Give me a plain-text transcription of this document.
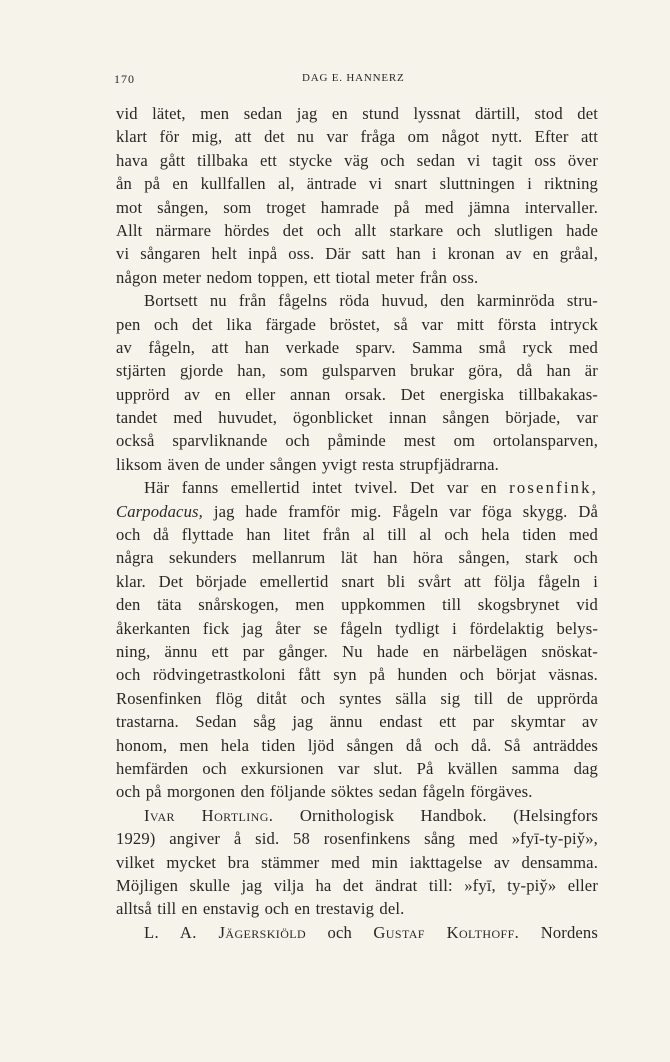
170	DAG E. HANNERZ
vid lätet, men sedan jag en stund lyssnat därtill, stod det
klart för mig, att det nu var fråga om något nytt. Efter att
hava gått tillbaka ett stycke väg och sedan vi tagit oss över
ån på en kullfallen al, äntrade vi snart sluttningen i riktning
mot sången, som troget hamrade på med jämna intervaller.
Allt närmare hördes det och allt starkare och slutligen hade
vi sångaren helt inpå oss. Där satt han i kronan av en gråal,
någon meter nedom toppen, ett tiotal meter från oss.
Bortsett nu från fågelns röda huvud, den karminröda stru-
pen och det lika färgade bröstet, så var mitt första intryck
av fågeln, att han verkade sparv. Samma små ryck med
stjärten gjorde han, som gulsparven brukar göra, då han är
upprörd av en eller annan orsak. Det energiska tillbakakas-
tandet med huvudet, ögonblicket innan sången började, var
också sparvliknande och påminde mest om ortolansparven,
liksom även de under sången yvigt resta strupfjädrarna.
Här fanns emellertid intet tvivel. Det var en rosenfink,
Carpodacus, jag hade framför mig. Fågeln var föga skygg. Då
och då flyttade han litet från al till al och hela tiden med
några sekunders mellanrum lät han höra sången, stark och
klar. Det började emellertid snart bli svårt att följa fågeln i
den täta snårskogen, men uppkommen till skogsbrynet vid
åkerkanten fick jag åter se fågeln tydligt i fördelaktig belys-
ning, ännu ett par gånger. Nu hade en närbelägen snöskat-
och rödvingetrastkoloni fått syn på hunden och börjat väsnas.
Rosenfinken flög ditåt och syntes sälla sig till de upprörda
trastarna. Sedan såg jag ännu endast ett par skymtar av
honom, men hela tiden ljöd sången då och då. Så anträddes
hemfärden och exkursionen var slut. På kvällen samma dag
och på morgonen den följande söktes sedan fågeln förgäves.
Ivar Hortling. Ornithologisk Handbok. (Helsingfors
1929) angiver å sid. 58 rosenfinkens sång med »fyī-ty-piy̆»,
vilket mycket bra stämmer med min iakttagelse av densamma.
Möjligen skulle jag vilja ha det ändrat till: »fyī, ty-piy̆» eller
alltså till en enstavig och en trestavig del.
L. A. Jägerskiöld och Gustaf Kolthoff. Nordens
